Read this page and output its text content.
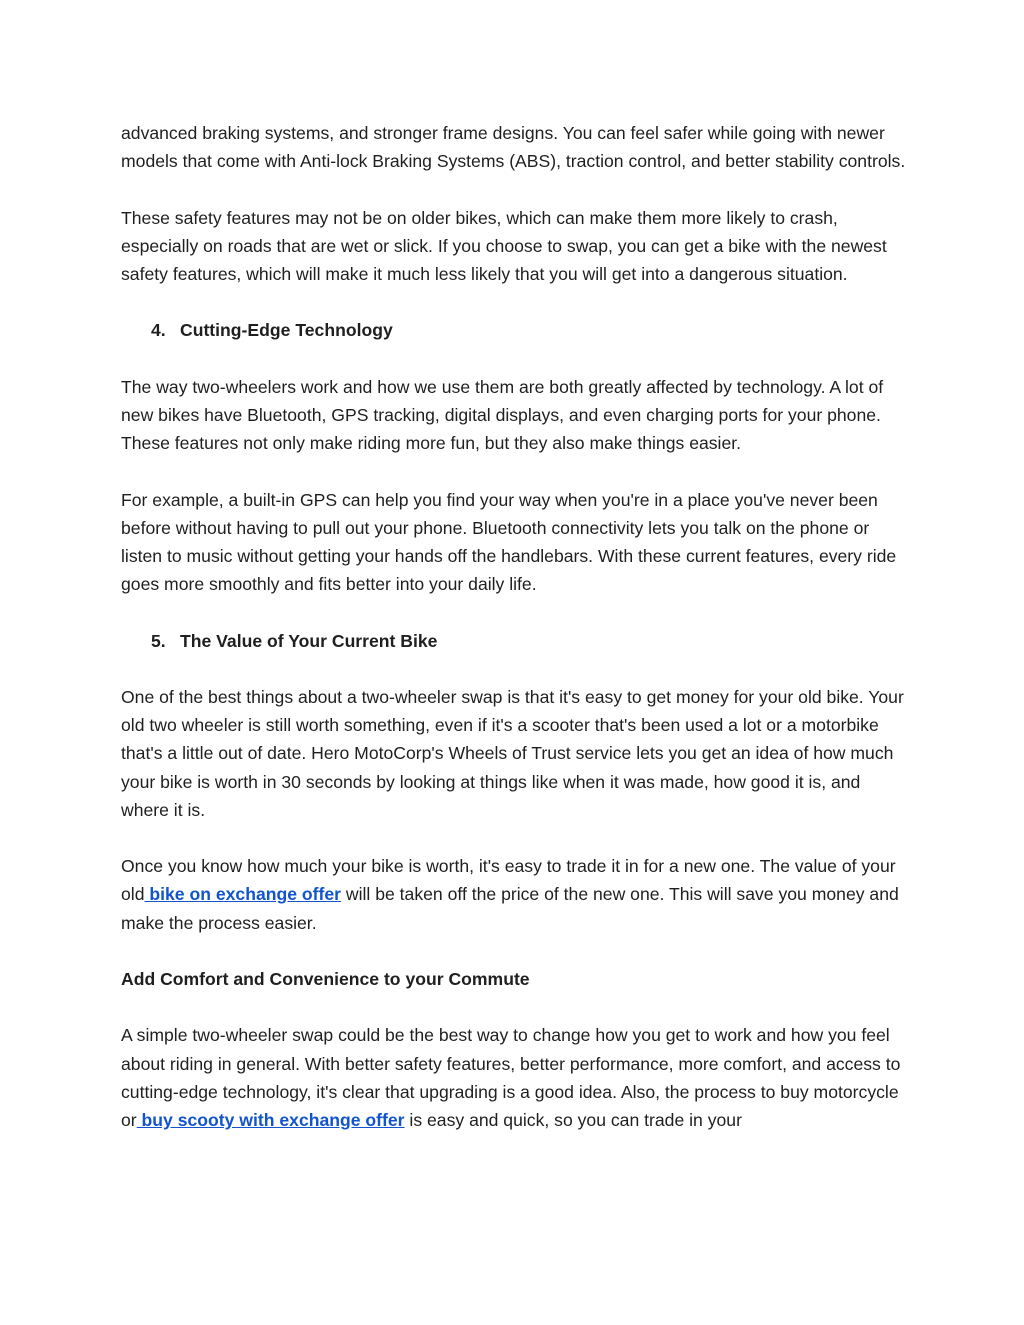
advanced braking systems, and stronger frame designs. You can feel safer while going with newer models that come with Anti-lock Braking Systems (ABS), traction control, and better stability controls.

These safety features may not be on older bikes, which can make them more likely to crash, especially on roads that are wet or slick. If you choose to swap, you can get a bike with the newest safety features, which will make it much less likely that you will get into a dangerous situation.

4. Cutting-Edge Technology

The way two-wheelers work and how we use them are both greatly affected by technology. A lot of new bikes have Bluetooth, GPS tracking, digital displays, and even charging ports for your phone. These features not only make riding more fun, but they also make things easier.

For example, a built-in GPS can help you find your way when you're in a place you've never been before without having to pull out your phone. Bluetooth connectivity lets you talk on the phone or listen to music without getting your hands off the handlebars. With these current features, every ride goes more smoothly and fits better into your daily life.

5. The Value of Your Current Bike

One of the best things about a two-wheeler swap is that it's easy to get money for your old bike. Your old two wheeler is still worth something, even if it's a scooter that's been used a lot or a motorbike that's a little out of date. Hero MotoCorp's Wheels of Trust service lets you get an idea of how much your bike is worth in 30 seconds by looking at things like when it was made, how good it is, and where it is.

Once you know how much your bike is worth, it's easy to trade it in for a new one. The value of your old bike on exchange offer will be taken off the price of the new one. This will save you money and make the process easier.

Add Comfort and Convenience to your Commute

A simple two-wheeler swap could be the best way to change how you get to work and how you feel about riding in general. With better safety features, better performance, more comfort, and access to cutting-edge technology, it's clear that upgrading is a good idea. Also, the process to buy motorcycle or buy scooty with exchange offer is easy and quick, so you can trade in your
